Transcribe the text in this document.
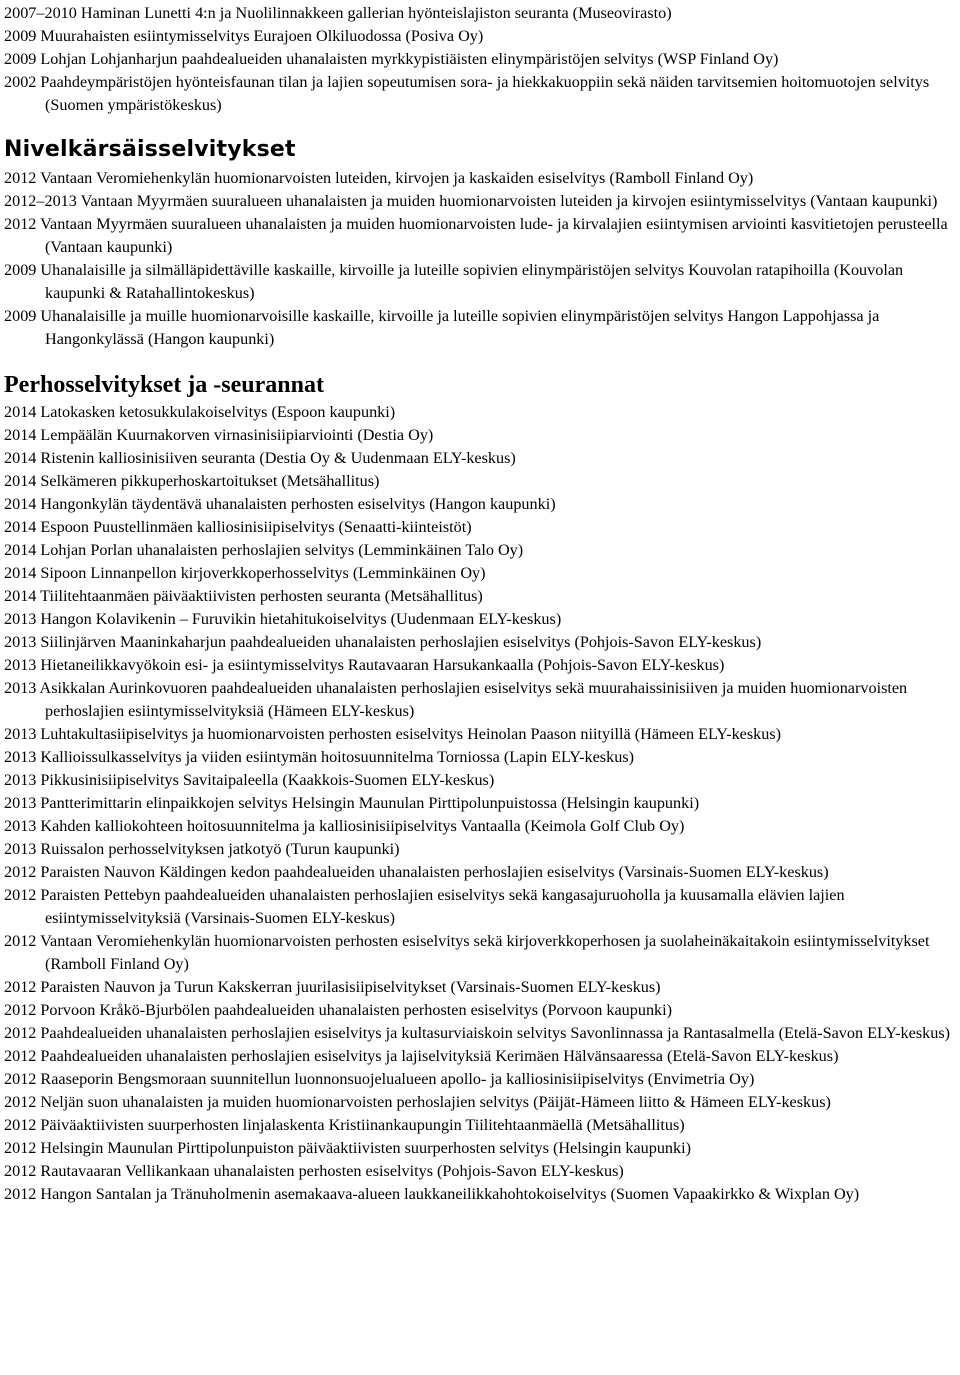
2007–2010 Haminan Lunetti 4:n ja Nuolilinnakkeen gallerian hyönteislajiston seuranta (Museovirasto)

2009 Muurahaisten esiintymisselvitys Eurajoen Olkiluodossa (Posiva Oy)

2009 Lohjan Lohjanharjun paahdealueiden uhanalaisten myrkkypistiäisten elinympäristöjen selvitys (WSP Finland Oy)

2002 Paahdeympäristöjen hyönteisfaunan tilan ja lajien sopeutumisen sora- ja hiekkakuoppiin sekä näiden tarvitsemien hoitomuotojen selvitys (Suomen ympäristökeskus)

Nivelkärsäisselvitykset

2012 Vantaan Veromiehenkylän huomionarvoisten luteiden, kirvojen ja kaskaiden esiselvitys (Ramboll Finland Oy)

2012–2013 Vantaan Myyrmäen suuralueen uhanalaisten ja muiden huomionarvoisten luteiden ja kirvojen esiintymisselvitys (Vantaan kaupunki)

2012 Vantaan Myyrmäen suuralueen uhanalaisten ja muiden huomionarvoisten lude- ja kirvalajien esiintymisen arviointi kasvitietojen perusteella (Vantaan kaupunki)

2009 Uhanalaisille ja silmälläpidettäville kaskaille, kirvoille ja luteille sopivien elinympäristöjen selvitys Kouvolan ratapihoilla (Kouvolan kaupunki & Ratahallintokeskus)

2009 Uhanalaisille ja muille huomionarvoisille kaskaille, kirvoille ja luteille sopivien elinympäristöjen selvitys Hangon Lappohjassa ja Hangonkylässä (Hangon kaupunki)

Perhosselvitykset ja -seurannat

2014 Latokasken ketosukkulakoiselvitys (Espoon kaupunki)

2014 Lempäälän Kuurnakorven virnasinisiipiarviointi (Destia Oy)

2014 Ristenin kalliosinisiiven seuranta (Destia Oy & Uudenmaan ELY-keskus)

2014 Selkämeren pikkuperhoskartoitukset (Metsähallitus)

2014 Hangonkylän täydentävä uhanalaisten perhosten esiselvitys (Hangon kaupunki)

2014 Espoon Puustellinmäen kalliosinisiipiselvitys (Senaatti-kiinteistöt)

2014 Lohjan Porlan uhanalaisten perhoslajien selvitys (Lemminkäinen Talo Oy)

2014 Sipoon Linnanpellon kirjoverkkoperhosselvitys (Lemminkäinen Oy)

2014 Tiilitehtaanmäen päiväaktiivisten perhosten seuranta (Metsähallitus)

2013 Hangon Kolavikenin – Furuvikin hietahitukoiselvitys (Uudenmaan ELY-keskus)

2013 Siilinjärven Maaninkaharjun paahdealueiden uhanalaisten perhoslajien esiselvitys (Pohjois-Savon ELY-keskus)

2013 Hietaneilikkavyökoin esi- ja esiintymisselvitys Rautavaaran Harsukankaalla (Pohjois-Savon ELY-keskus)

2013 Asikkalan Aurinkovuoren paahdealueiden uhanalaisten perhoslajien esiselvitys sekä muurahaissinisiiven ja muiden huomionarvoisten perhoslajien esiintymisselvityksiä (Hämeen ELY-keskus)

2013 Luhtakultasiipiselvitys ja huomionarvoisten perhosten esiselvitys Heinolan Paason niityillä (Hämeen ELY-keskus)

2013 Kallioissulkasselvitys ja viiden esiintymän hoitosuunnitelma Torniossa (Lapin ELY-keskus)

2013 Pikkusinisiipiselvitys Savitaipaleella (Kaakkois-Suomen ELY-keskus)

2013 Pantterimittarin elinpaikkojen selvitys Helsingin Maunulan Pirttipolunpuistossa (Helsingin kaupunki)

2013 Kahden kalliokohteen hoitosuunnitelma ja kalliosinisiipiselvitys Vantaalla (Keimola Golf Club Oy)

2013 Ruissalon perhosselvityksen jatkotyö (Turun kaupunki)

2012 Paraisten Nauvon Käldingen kedon paahdealueiden uhanalaisten perhoslajien esiselvitys (Varsinais-Suomen ELY-keskus)

2012 Paraisten Pettebyn paahdealueiden uhanalaisten perhoslajien esiselvitys sekä kangasajuruoholla ja kuusamalla elävien lajien esiintymisselvityksiä (Varsinais-Suomen ELY-keskus)

2012 Vantaan Veromiehenkylän huomionarvoisten perhosten esiselvitys sekä kirjoverkkoperhosen ja suolaheinäkaitakoin esiintymisselvitykset (Ramboll Finland Oy)

2012 Paraisten Nauvon ja Turun Kakskerran juurilasisiipiselvitykset (Varsinais-Suomen ELY-keskus)

2012 Porvoon Kråkö-Bjurbölen paahdealueiden uhanalaisten perhosten esiselvitys (Porvoon kaupunki)

2012 Paahdealueiden uhanalaisten perhoslajien esiselvitys ja kultasurviaiskoin selvitys Savonlinnassa ja Rantasalmella (Etelä-Savon ELY-keskus)

2012 Paahdealueiden uhanalaisten perhoslajien esiselvitys ja lajiselvityksiä Kerimäen Hälvänsaaressa (Etelä-Savon ELY-keskus)

2012 Raaseporin Bengsmoraan suunnitellun luonnonsuojelualueen apollo- ja kalliosinisiipiselvitys (Envimetria Oy)

2012 Neljän suon uhanalaisten ja muiden huomionarvoisten perhoslajien selvitys (Päijät-Hämeen liitto & Hämeen ELY-keskus)

2012 Päiväaktiivisten suurperhosten linjalaskenta Kristiinankaupungin Tiilitehtaanmäellä (Metsähallitus)

2012 Helsingin Maunulan Pirttipolunpuiston päiväaktiivisten suurperhosten selvitys (Helsingin kaupunki)

2012 Rautavaaran Vellikankaan uhanalaisten perhosten esiselvitys (Pohjois-Savon ELY-keskus)

2012 Hangon Santalan ja Tränuholmenin asemakaava-alueen laukkaneilikkahohtokoiselvitys (Suomen Vapaakirkko & Wixplan Oy)
